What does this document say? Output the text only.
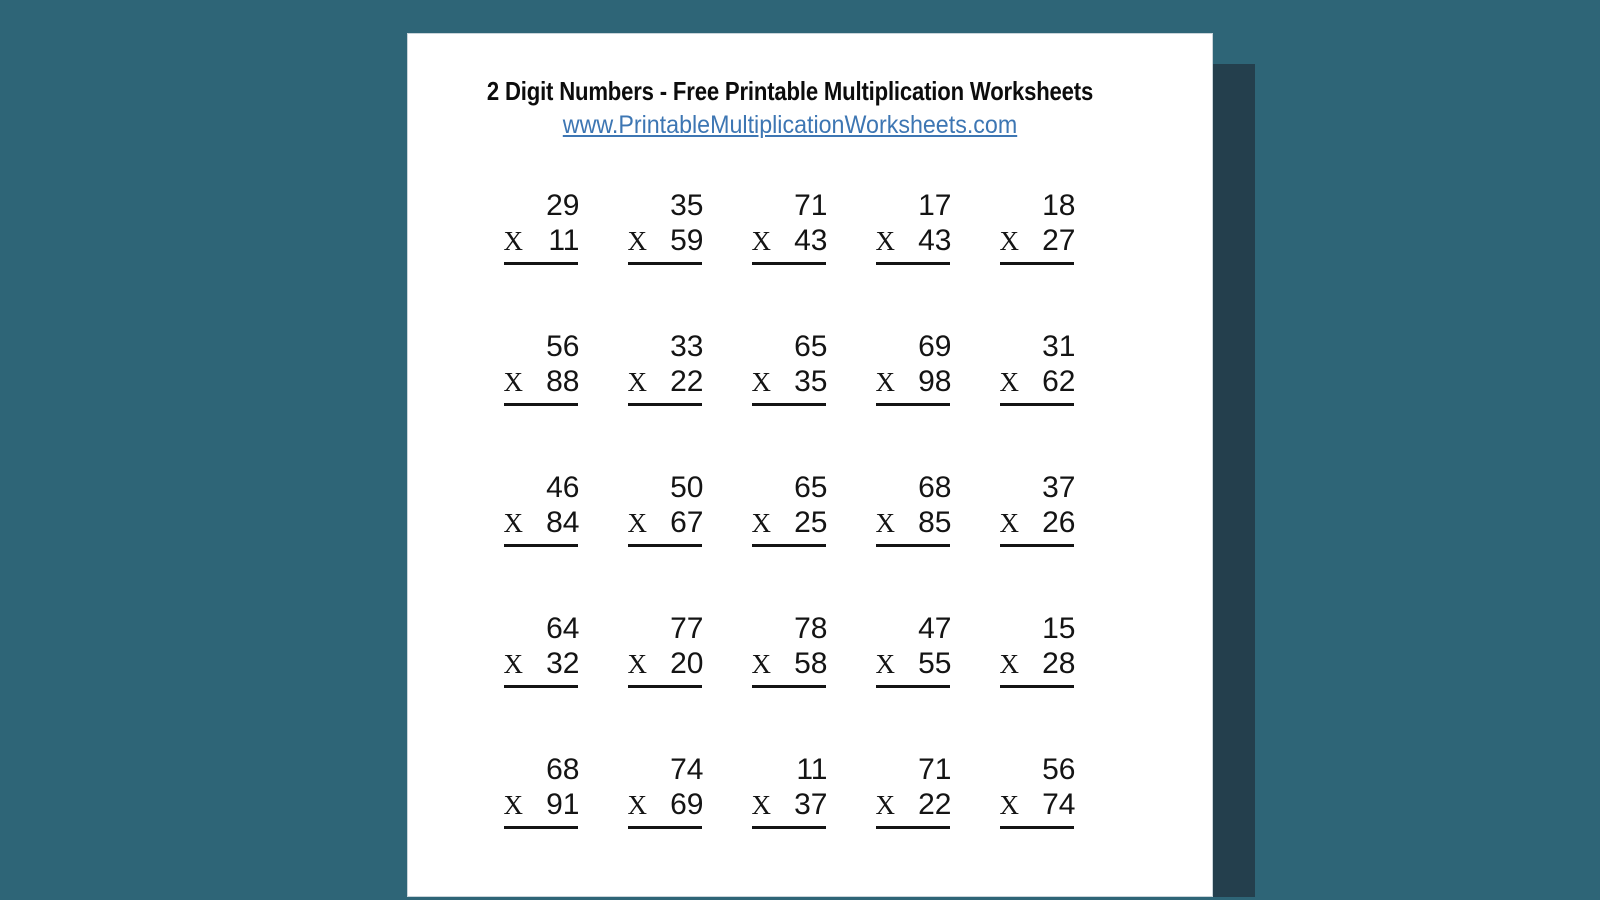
2 Digit Numbers - Free Printable Multiplication Worksheets
www.PrintableMultiplicationWorksheets.com
29
X 11
35
X 59
71
X 43
17
X 43
18
X 27
56
X 88
33
X 22
65
X 35
69
X 98
31
X 62
46
X 84
50
X 67
65
X 25
68
X 85
37
X 26
64
X 32
77
X 20
78
X 58
47
X 55
15
X 28
68
X 91
74
X 69
11
X 37
71
X 22
56
X 74
